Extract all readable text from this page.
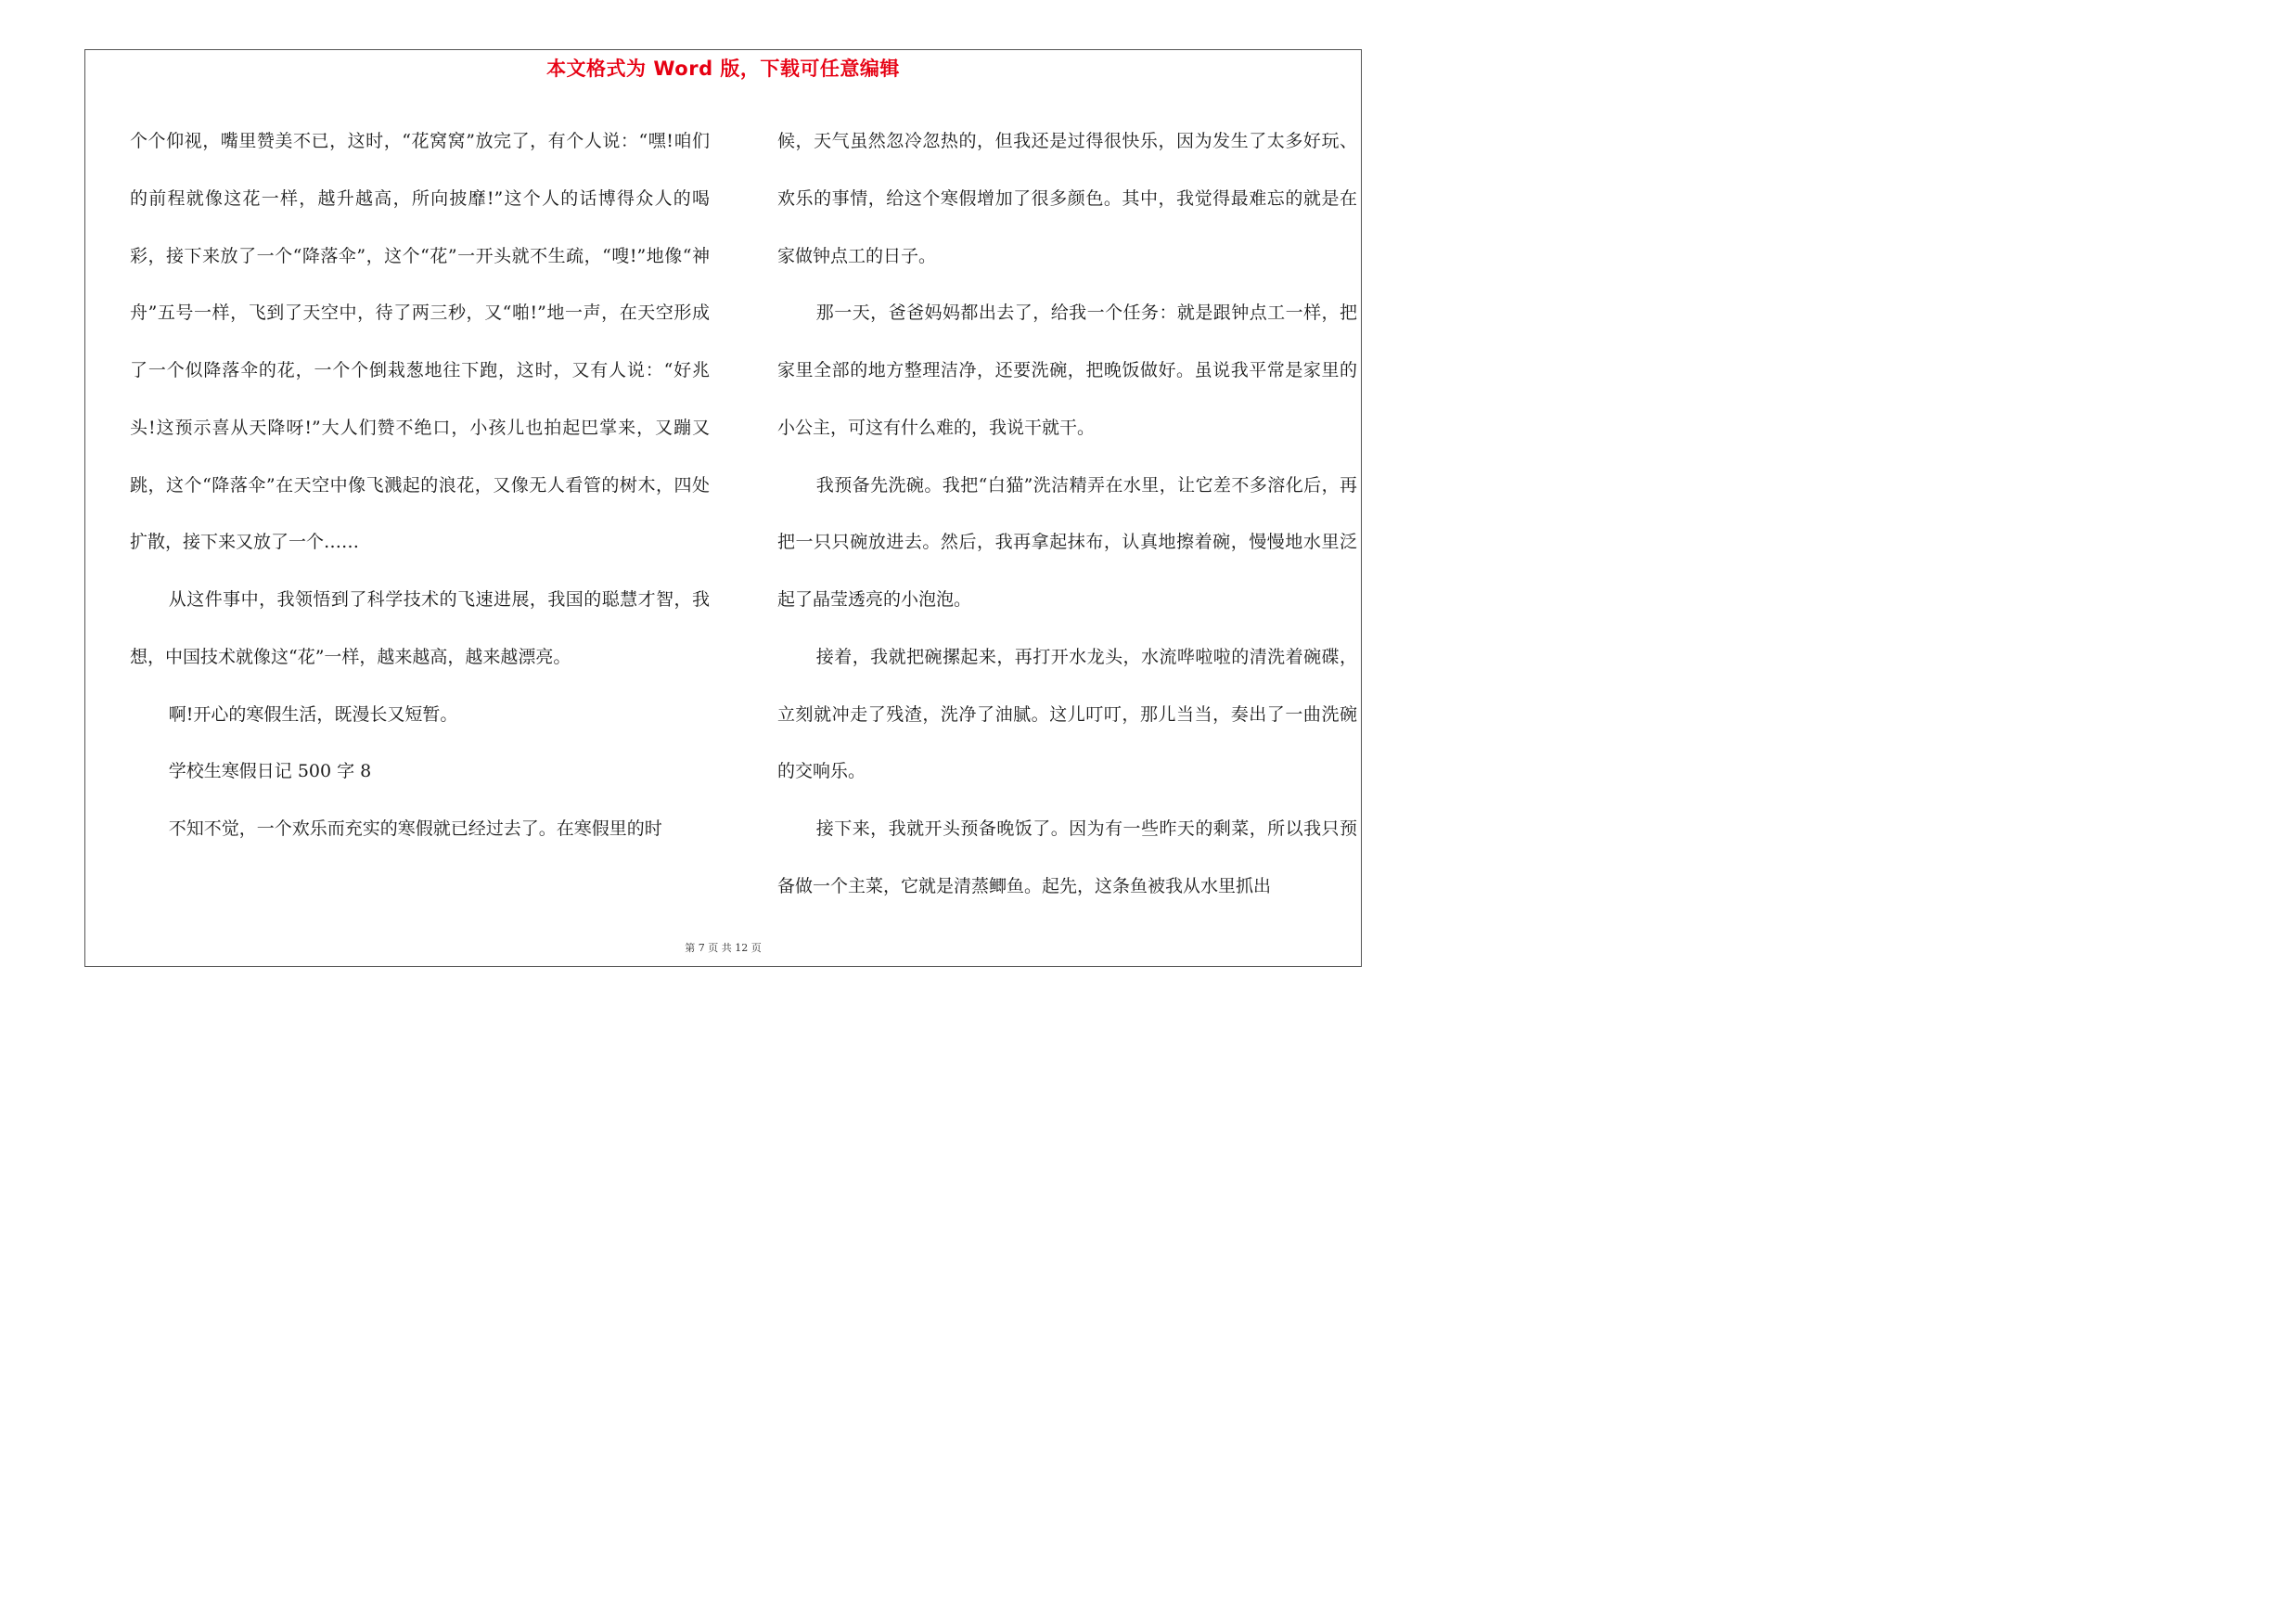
本文格式为 Word 版，下载可任意编辑

个个仰视，嘴里赞美不已，这时，“花窝窝”放完了，有个人说：“嘿!咱们的前程就像这花一样，越升越高，所向披靡!”这个人的话博得众人的喝彩，接下来放了一个“降落伞”，这个“花”一开头就不生疏，“嗖!”地像“神舟”五号一样，飞到了天空中，待了两三秒，又“啪!”地一声，在天空形成了一个似降落伞的花，一个个倒栽葱地往下跑，这时，又有人说：“好兆头!这预示喜从天降呀!”大人们赞不绝口，小孩儿也拍起巴掌来，又蹦又跳，这个“降落伞”在天空中像飞溅起的浪花，又像无人看管的树木，四处扩散，接下来又放了一个……

从这件事中，我领悟到了科学技术的飞速进展，我国的聪慧才智，我想，中国技术就像这“花”一样，越来越高，越来越漂亮。

啊!开心的寒假生活，既漫长又短暂。

学校生寒假日记 500 字 8

不知不觉，一个欢乐而充实的寒假就已经过去了。在寒假里的时

候，天气虽然忽冷忽热的，但我还是过得很快乐，因为发生了太多好玩、欢乐的事情，给这个寒假增加了很多颜色。其中，我觉得最难忘的就是在家做钟点工的日子。

那一天，爸爸妈妈都出去了，给我一个任务：就是跟钟点工一样，把家里全部的地方整理洁净，还要洗碗，把晚饭做好。虽说我平常是家里的小公主，可这有什么难的，我说干就干。

我预备先洗碗。我把“白猫”洗洁精弄在水里，让它差不多溶化后，再把一只只碗放进去。然后，我再拿起抹布，认真地擦着碗，慢慢地水里泛起了晶莹透亮的小泡泡。

接着，我就把碗摞起来，再打开水龙头，水流哗啦啦的清洗着碗碟，立刻就冲走了残渣，洗净了油腻。这儿叮叮，那儿当当，奏出了一曲洗碗的交响乐。

接下来，我就开头预备晚饭了。因为有一些昨天的剩菜，所以我只预备做一个主菜，它就是清蒸鲫鱼。起先，这条鱼被我从水里抓出

第 7 页 共 12 页
